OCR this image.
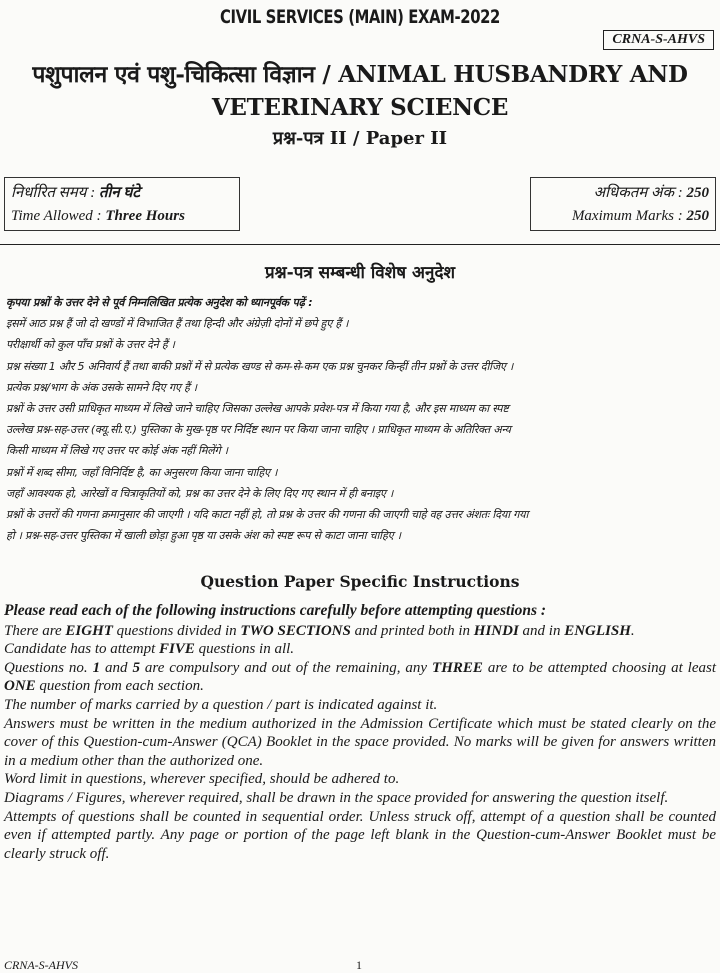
CIVIL SERVICES (MAIN) EXAM-2022
CRNA-S-AHVS
पशुपालन एवं पशु-चिकित्सा विज्ञान / ANIMAL HUSBANDRY AND
VETERINARY SCIENCE
प्रश्न-पत्र II / Paper II
निर्धारित समय : तीन घंटे
Time Allowed : Three Hours
अधिकतम अंक : 250
Maximum Marks : 250
प्रश्न-पत्र सम्बन्धी विशेष अनुदेश

कृपया प्रश्नों के उत्तर देने से पूर्व निम्नलिखित प्रत्येक अनुदेश को ध्यानपूर्वक पढ़ें :

इसमें आठ प्रश्न हैं जो दो खण्डों में विभाजित हैं तथा हिन्दी और अंग्रेज़ी दोनों में छपे हुए हैं ।

परीक्षार्थी को कुल पाँच प्रश्नों के उत्तर देने हैं ।

प्रश्न संख्या 1 और 5 अनिवार्य हैं तथा बाकी प्रश्नों में से प्रत्येक खण्ड से कम-से-कम एक प्रश्न चुनकर किन्हीं तीन प्रश्नों के उत्तर दीजिए ।

प्रत्येक प्रश्न/भाग के अंक उसके सामने दिए गए हैं ।

प्रश्नों के उत्तर उसी प्राधिकृत माध्यम में लिखे जाने चाहिए जिसका उल्लेख आपके प्रवेश-पत्र में किया गया है, और इस माध्यम का स्पष्ट

उल्लेख प्रश्न-सह-उत्तर (क्यू.सी.ए.) पुस्तिका के मुख-पृष्ठ पर निर्दिष्ट स्थान पर किया जाना चाहिए । प्राधिकृत माध्यम के अतिरिक्त अन्य

किसी माध्यम में लिखे गए उत्तर पर कोई अंक नहीं मिलेंगे ।

प्रश्नों में शब्द सीमा, जहाँ विनिर्दिष्ट है, का अनुसरण किया जाना चाहिए ।

जहाँ आवश्यक हो, आरेखों व चित्राकृतियों को, प्रश्न का उत्तर देने के लिए दिए गए स्थान में ही बनाइए ।

प्रश्नों के उत्तरों की गणना क्रमानुसार की जाएगी । यदि काटा नहीं हो, तो प्रश्न के उत्तर की गणना की जाएगी चाहे वह उत्तर अंशतः दिया गया

हो । प्रश्न-सह-उत्तर पुस्तिका में खाली छोड़ा हुआ पृष्ठ या उसके अंश को स्पष्ट रूप से काटा जाना चाहिए ।

Question Paper Specific Instructions

Please read each of the following instructions carefully before attempting questions :

There are EIGHT questions divided in TWO SECTIONS and printed both in HINDI and in ENGLISH.

Candidate has to attempt FIVE questions in all.

Questions no. 1 and 5 are compulsory and out of the remaining, any THREE are to be attempted choosing at least ONE question from each section.

The number of marks carried by a question / part is indicated against it.

Answers must be written in the medium authorized in the Admission Certificate which must be stated clearly on the cover of this Question-cum-Answer (QCA) Booklet in the space provided. No marks will be given for answers written in a medium other than the authorized one.

Word limit in questions, wherever specified, should be adhered to.

Diagrams / Figures, wherever required, shall be drawn in the space provided for answering the question itself.

Attempts of questions shall be counted in sequential order. Unless struck off, attempt of a question shall be counted even if attempted partly. Any page or portion of the page left blank in the Question-cum-Answer Booklet must be clearly struck off.

CRNA-S-AHVS	1
